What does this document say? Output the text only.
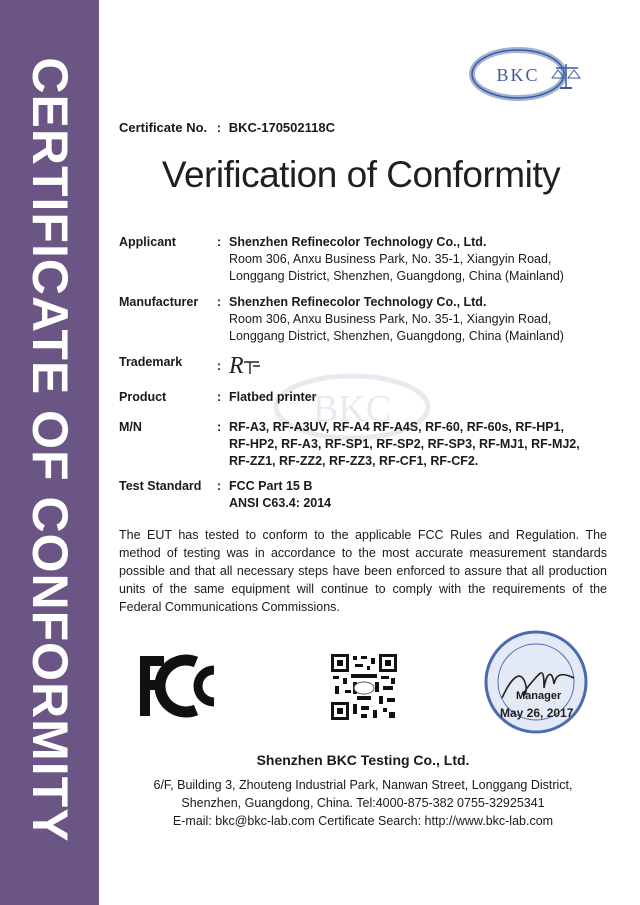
CERTIFICATE OF CONFORMITY	BKC
Certificate No. : BKC-170502118C
Verification of Conformity
BKC
Applicant	: Shenzhen Refinecolor Technology Co., Ltd.
Room 306, Anxu Business Park, No. 35-1, Xiangyin Road,
Longgang District, Shenzhen, Guangdong, China (Mainland)
Manufacturer : Shenzhen Refinecolor Technology Co., Ltd.
Room 306, Anxu Business Park, No. 35-1, Xiangyin Road,
Longgang District, Shenzhen, Guangdong, China (Mainland)
Trademark	: R
Product	: Flatbed printer
M/N	: RF-A3, RF-A3UV, RF-A4 RF-A4S, RF-60, RF-60s, RF-HP1,
RF-HP2, RF-A3, RF-SP1, RF-SP2, RF-SP3, RF-MJ1, RF-MJ2,
RF-ZZ1, RF-ZZ2, RF-ZZ3, RF-CF1, RF-CF2.
Test Standard : FCC Part 15 B
ANSI C63.4: 2014
The EUT has tested to conform to the applicable FCC Rules and Regulation. The method of testing was in accordance to the most accurate measurement standards possible and that all necessary steps have been enforced to assure that all production units of the same equipment will continue to comply with the requirements of the Federal Communications Commissions.
Manager
May 26, 2017
Shenzhen BKC Testing Co., Ltd.
6/F, Building 3, Zhouteng Industrial Park, Nanwan Street, Longgang District,
Shenzhen, Guangdong, China. Tel:4000-875-382 0755-32925341
E-mail: bkc@bkc-lab.com Certificate Search: http://www.bkc-lab.com
